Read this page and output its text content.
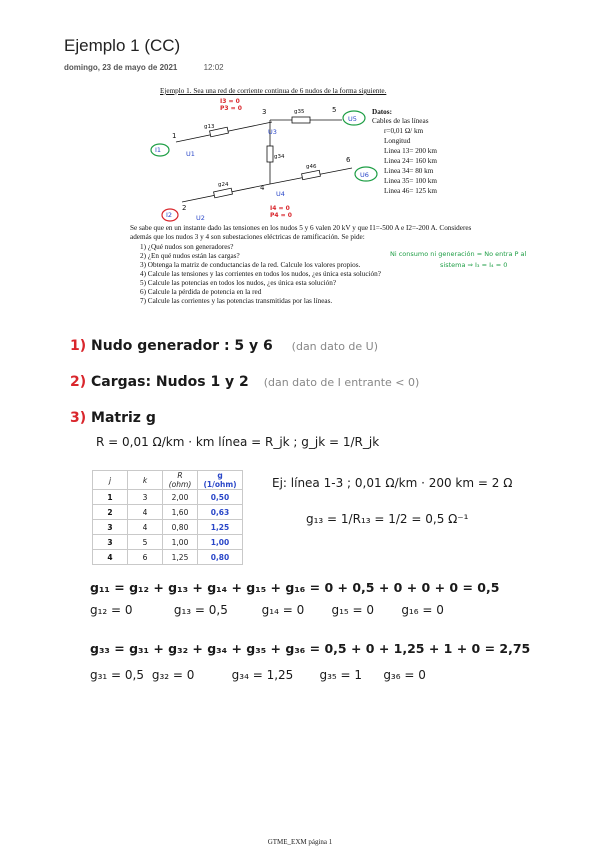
Ejemplo 1 (CC)
domingo, 23 de mayo de 2021	12:02
Ejemplo 1. Sea una red de corriente continua de 6 nudos de la forma siguiente.
1
2
3
4
5
6
g13
g35
g34
g24
g46
I1
I2
U3
U4
U5
U6
U1
U2
I3 = 0
P3 = 0
I4 = 0
P4 = 0
Datos:
Cables de las líneas
r=0,01 Ω/ km
Longitud
Linea 13= 200 km
Linea 24= 160 km
Linea 34= 80 km
Linea 35= 100 km
Linea 46= 125 km
Se sabe que en un instante dado las tensiones en los nudos 5 y 6 valen 20 kV y que I1=-500 A e I2=-200 A. Consideres
además que los nudos 3 y 4 son subestaciones eléctricas de ramificación. Se pide:
1) ¿Qué nudos son generadores?
2) ¿En qué nudos están las cargas?
3) Obtenga la matriz de conductancias de la red. Calcule los valores propios.
4) Calcule las tensiones y las corrientes en todos los nudos, ¿es única esta solución?
5) Calcule las potencias en todos los nudos, ¿es única esta solución?
6) Calcule la pérdida de potencia en la red
7) Calcule las corrientes y las potencias transmitidas por las líneas.
Ni consumo ni generación = No entra P al
sistema ⇒ I₃ = I₄ = 0
1) Nudo generador : 5 y 6 (dan dato de U)
2) Cargas: Nudos 1 y 2 (dan dato de I entrante < 0)
3) Matriz g
R = 0,01 Ω/km · km línea = R_jk ; g_jk = 1/R_jk
j	k	R (ohm)	g (1/ohm)
1	3	2,00	0,50
2	4	1,60	0,63
3	4	0,80	1,25
3	5	1,00	1,00
4	6	1,25	0,80
Ej: línea 1-3 ; 0,01 Ω/km · 200 km = 2 Ω
g₁₃ = 1/R₁₃ = 1/2 = 0,5 Ω⁻¹
g₁₁ = g₁₂ + g₁₃ + g₁₄ + g₁₅ + g₁₆ = 0 + 0,5 + 0 + 0 + 0 = 0,5
g₁₂ = 0	g₁₃ = 0,5	g₁₄ = 0 g₁₅ = 0 g₁₆ = 0
g₃₃ = g₃₁ + g₃₂ + g₃₄ + g₃₅ + g₃₆ = 0,5 + 0 + 1,25 + 1 + 0 = 2,75
g₃₁ = 0,5 g₃₂ = 0	g₃₄ = 1,25 g₃₅ = 1 g₃₆ = 0
GTME_EXM página 1
